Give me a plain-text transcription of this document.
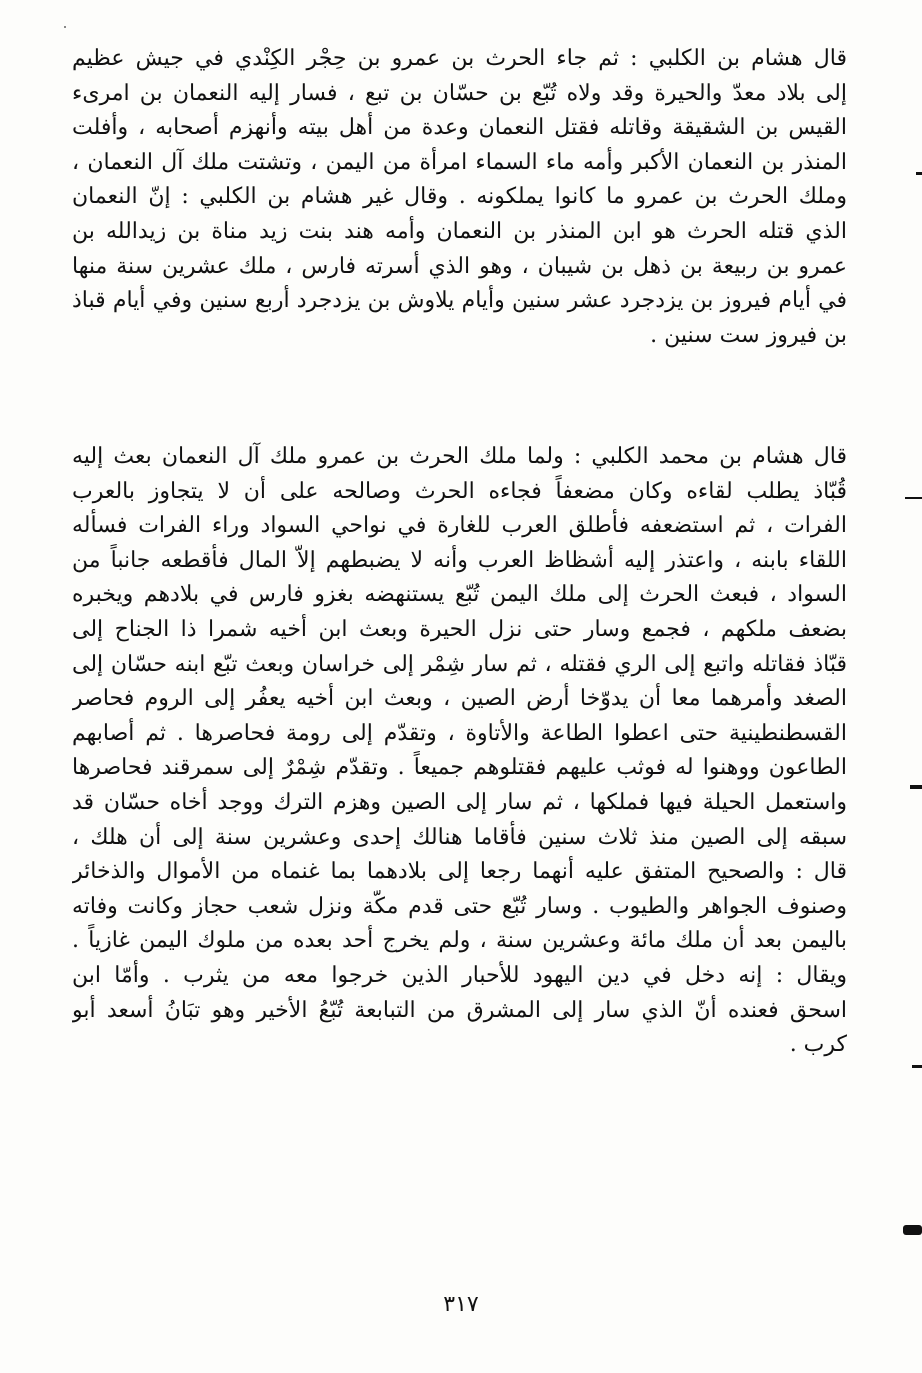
قال هشام بن الكلبي : ثم جاء الحرث بن عمرو بن حِجْر الكِنْدي في جيش عظيم
إلى بلاد معدّ والحيرة وقد ولاه تُبّع بن حسّان بن تبع ، فسار إليه النعمان بن امرىء
القيس بن الشقيقة وقاتله فقتل النعمان وعدة من أهل بيته وأنهزم أصحابه ، وأفلت
المنذر بن النعمان الأكبر وأمه ماء السماء امرأة من اليمن ، وتشتت ملك آل النعمان ،
وملك الحرث بن عمرو ما كانوا يملكونه . وقال غير هشام بن الكلبي : إنّ النعمان
الذي قتله الحرث هو ابن المنذر بن النعمان وأمه هند بنت زيد مناة بن زيدالله بن
عمرو بن ربيعة بن ذهل بن شيبان ، وهو الذي أسرته فارس ، ملك عشرين سنة منها
في أيام فيروز بن يزدجرد عشر سنين وأيام يلاوش بن يزدجرد أربع سنين وفي أيام قباذ
بن فيروز ست سنين .
قال هشام بن محمد الكلبي : ولما ملك الحرث بن عمرو ملك آل النعمان بعث إليه
قُبّاذ يطلب لقاءه وكان مضعفاً فجاءه الحرث وصالحه على أن لا يتجاوز بالعرب
الفرات ، ثم استضعفه فأطلق العرب للغارة في نواحي السواد وراء الفرات فسأله
اللقاء بابنه ، واعتذر إليه أشظاظ العرب وأنه لا يضبطهم إلاّ المال فأقطعه جانباً من
السواد ، فبعث الحرث إلى ملك اليمن تُبّع يستنهضه بغزو فارس في بلادهم ويخبره
بضعف ملكهم ، فجمع وسار حتى نزل الحيرة وبعث ابن أخيه شمرا ذا الجناح إلى
قبّاذ فقاتله واتبع إلى الري فقتله ، ثم سار شِمْر إلى خراسان وبعث تبّع ابنه حسّان إلى
الصغد وأمرهما معا أن يدوّخا أرض الصين ، وبعث ابن أخيه يعفُر إلى الروم فحاصر
القسطنطينية حتى اعطوا الطاعة والأتاوة ، وتقدّم إلى رومة فحاصرها . ثم أصابهم
الطاعون ووهنوا له فوثب عليهم فقتلوهم جميعاً . وتقدّم شِمْرٌ إلى سمرقند فحاصرها
واستعمل الحيلة فيها فملكها ، ثم سار إلى الصين وهزم الترك ووجد أخاه حسّان قد
سبقه إلى الصين منذ ثلاث سنين فأقاما هنالك إحدى وعشرين سنة إلى أن هلك ،
قال : والصحيح المتفق عليه أنهما رجعا إلى بلادهما بما غنماه من الأموال والذخائر
وصنوف الجواهر والطيوب . وسار تُبّع حتى قدم مكّة ونزل شعب حجاز وكانت وفاته
باليمن بعد أن ملك مائة وعشرين سنة ، ولم يخرج أحد بعده من ملوك اليمن غازياً .
ويقال : إنه دخل في دين اليهود للأحبار الذين خرجوا معه من يثرب . وأمّا ابن
اسحق فعنده أنّ الذي سار إلى المشرق من التبابعة تُبّعُ الأخير وهو تبَانُ أسعد أبو
كرب .
٣١٧
